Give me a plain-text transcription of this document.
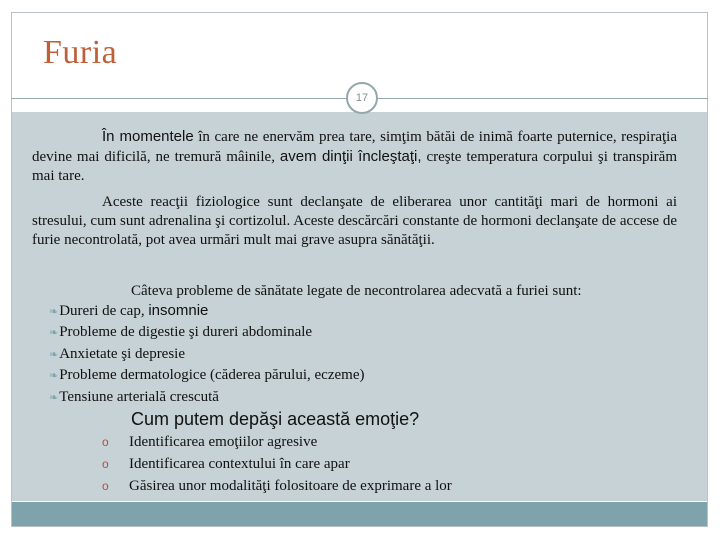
Furia
17

În momentele în care ne enervăm prea tare, simţim bătăi de inimă foarte puternice, respiraţia devine mai dificilă, ne tremură mâinile, avem dinţii încleştaţi, creşte temperatura corpului şi transpirăm mai tare.

Aceste reacţii fiziologice sunt declanşate de eliberarea unor cantităţi mari de hormoni ai stresului, cum sunt adrenalina şi cortizolul. Aceste descărcări constante de hormoni declanşate de accese de furie necontrolată, pot avea urmări mult mai grave asupra sănătăţii.

Câteva probleme de sănătate legate de necontrolarea adecvată a furiei sunt:

❧Dureri de cap, insomnie
❧Probleme de digestie şi dureri abdominale
❧Anxietate şi depresie
❧Probleme dermatologice (căderea părului, eczeme)
❧Tensiune arterială crescută
Cum putem depăşi această emoţie?
o Identificarea emoţiilor agresive
o Identificarea contextului în care apar
o Găsirea unor modalităţi folositoare de exprimare a lor
